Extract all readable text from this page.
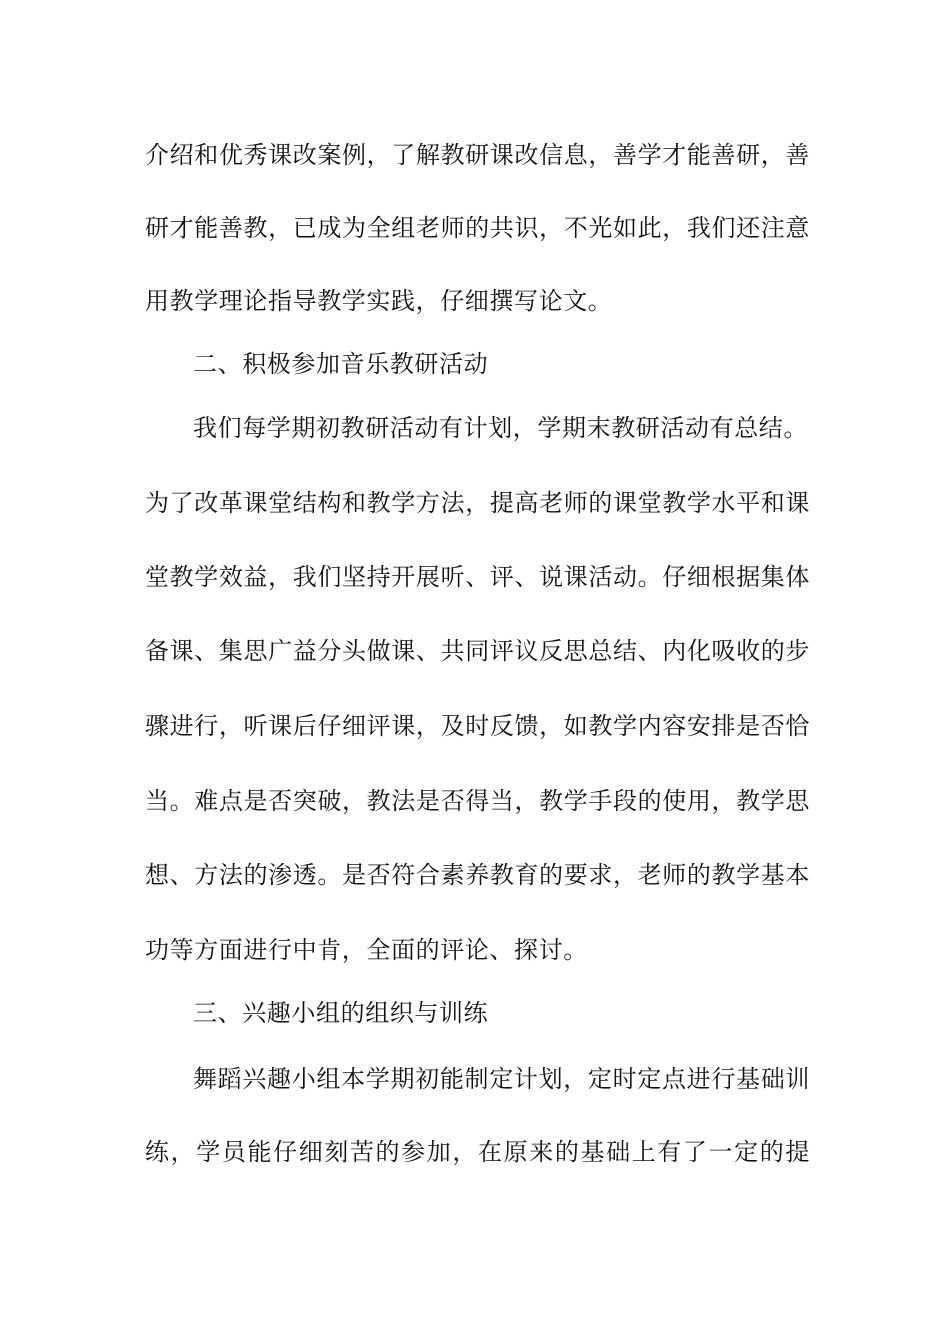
介绍和优秀课改案例，了解教研课改信息，善学才能善研，善
研才能善教，已成为全组老师的共识，不光如此，我们还注意
用教学理论指导教学实践，仔细撰写论文。
二、积极参加音乐教研活动
我们每学期初教研活动有计划，学期末教研活动有总结。
为了改革课堂结构和教学方法，提高老师的课堂教学水平和课
堂教学效益，我们坚持开展听、评、说课活动。仔细根据集体
备课、集思广益分头做课、共同评议反思总结、内化吸收的步
骤进行，听课后仔细评课，及时反馈，如教学内容安排是否恰
当。难点是否突破，教法是否得当，教学手段的使用，教学思
想、方法的渗透。是否符合素养教育的要求，老师的教学基本
功等方面进行中肯，全面的评论、探讨。
三、兴趣小组的组织与训练
舞蹈兴趣小组本学期初能制定计划，定时定点进行基础训
练，学员能仔细刻苦的参加，在原来的基础上有了一定的提
